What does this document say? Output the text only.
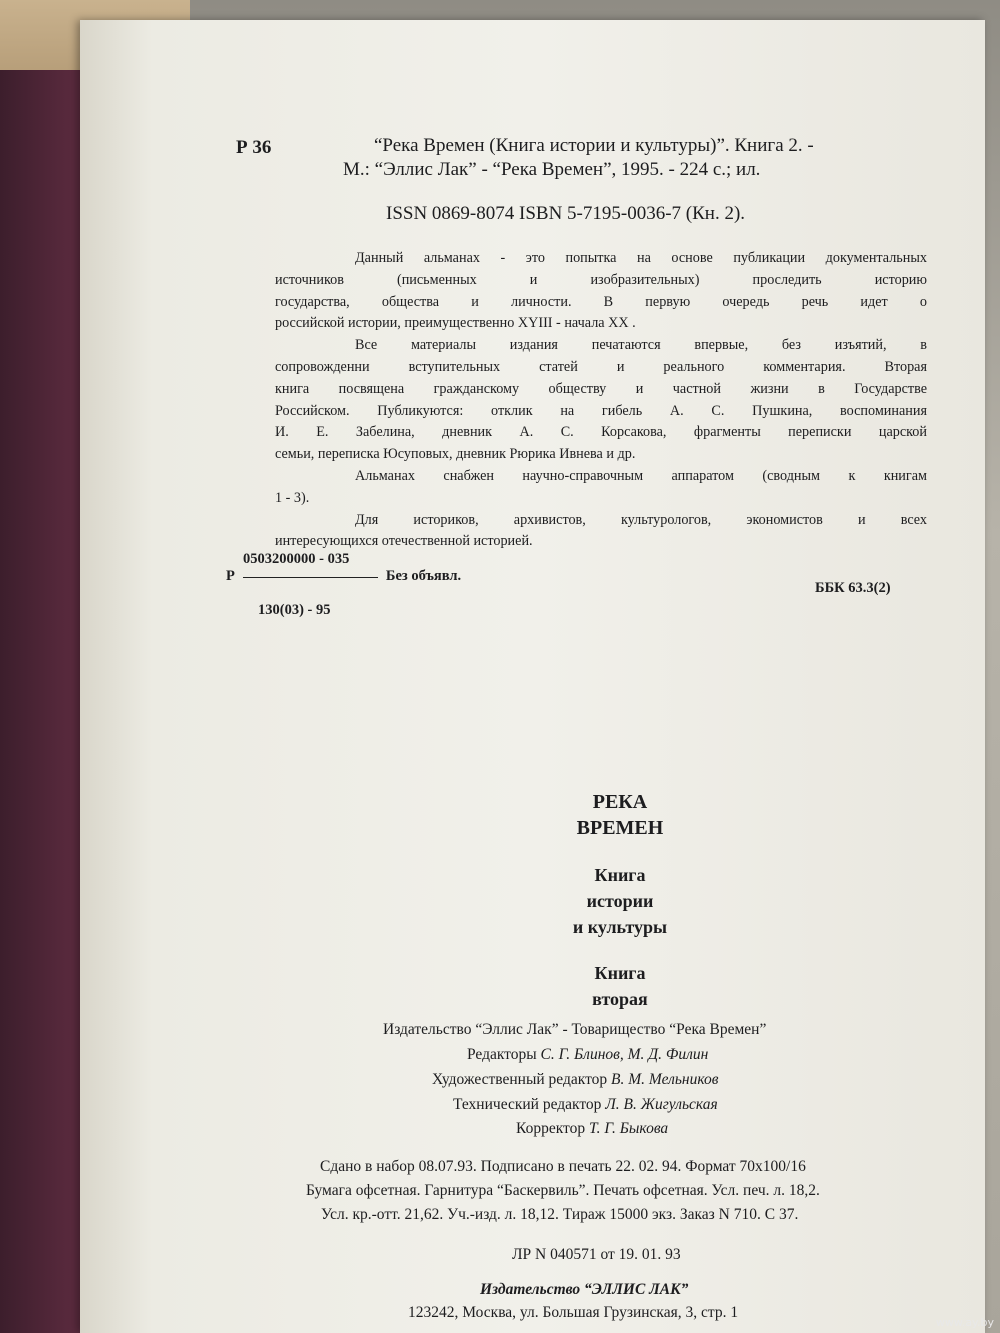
Р 36	“Река Времен (Книга истории и культуры)”. Книга 2. -
М.: “Эллис Лак” - “Река Времен”, 1995. - 224 с.; ил.
ISSN 0869-8074 ISBN 5-7195-0036-7 (Кн. 2).
Данный альманах - это попытка на основе публикации документальных
источников (письменных и изобразительных) проследить историю
государства, общества и личности. В первую очередь речь идет о
российской истории, преимущественно XYIII - начала XX .
Все материалы издания печатаются впервые, без изъятий, в
сопровожденни вступительных статей и реального комментария. Вторая
книга посвящена гражданскому обществу и частной жизни в Государстве
Российском. Публикуются: отклик на гибель А. С. Пушкина, воспоминания
И. Е. Забелина, дневник А. С. Корсакова, фрагменты переписки царской
семьи, переписка Юсуповых, дневник Рюрика Ивнева и др.
Альманах снабжен научно-справочным аппаратом (сводным к книгам
1 - 3).
Для историков, архивистов, культурологов, экономистов и всех
интересующихся отечественной историей.
0503200000 - 035
Р	Без объявл.
130(03) - 95
ББК 63.3(2)
РЕКА
ВРЕМЕН
Книга
истории
и культуры
Книга
вторая
Издательство “Эллис Лак” - Товарищество “Река Времен”
Редакторы С. Г. Блинов, М. Д. Филин
Художественный редактор В. М. Мельников
Технический редактор Л. В. Жигульская
Корректор Т. Г. Быкова
Сдано в набор 08.07.93. Подписано в печать 22. 02. 94. Формат 70х100/16
Бумага офсетная. Гарнитура “Баскервиль”. Печать офсетная. Усл. печ. л. 18,2.
Усл. кр.-отт. 21,62. Уч.-изд. л. 18,12. Тираж 15000 экз. Заказ N 710. С 37.
ЛР N 040571 от 19. 01. 93
Издательство “ЭЛЛИС ЛАК”
123242, Москва, ул. Большая Грузинская, 3, стр. 1
www.ay.by
